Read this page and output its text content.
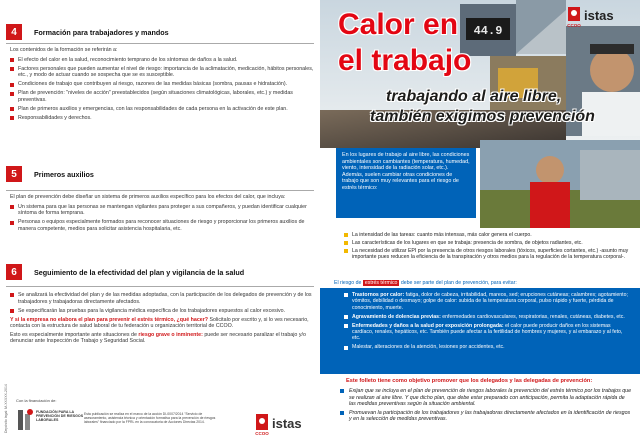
Depósito legal: M-XXXXX-2014
4	Formación para trabajadores y mandos
Los contenidos de la formación se referirán a:
El efecto del calor en la salud, reconocimiento temprano de los síntomas de daños a la salud.
Factores personales que pueden aumentar el nivel de riesgo: importancia de la aclimatación, medicación, hábitos personales, etc., y modo de actuar cuando se sospecha que se es susceptible.
Condiciones de trabajo que contribuyen al riesgo, razones de las medidas básicas (sombra, pausas e hidratación).
Plan de prevención: "niveles de acción" preestablecidos (según situaciones climatológicas, laborales, etc.) y medidas preventivas.
Plan de primeros auxilios y emergencias, con las responsabilidades de cada persona en la activación de este plan.
Responsabilidades y derechos.
5	Primeros auxilios
El plan de prevención debe diseñar un sistema de primeros auxilios específico para los efectos del calor, que incluya:
Un sistema para que las personas se mantengan vigilantes para proteger a sus compañeros, y puedan identificar cualquier síntoma de forma temprana.
Personas o equipos especialmente formados para reconocer situaciones de riesgo y proporcionar los primeros auxilios de manera competente, medios para solicitar asistencia hospitalaria, etc.
6	Seguimiento de la efectividad del plan y vigilancia de la salud
Se analizará la efectividad del plan y de las medidas adoptadas, con la participación de los delegados de prevención y de los trabajadores y trabajadoras directamente afectados.
Se especificarán las pruebas para la vigilancia médica específica de los trabajadores expuestos al calor excesivo.
Y si la empresa no elabora el plan para prevenir el estrés térmico, ¿qué hacer? Solicitalo por escrito y, si lo ves necesario, contacta con la estructura de salud laboral de tu federación u organización territorial de CCOO.
Esto es especialmente importante ante situaciones de riesgo grave o inminente: puede ser necesario paralizar el trabajo y/o denunciar ante Inspección de Trabajo y Seguridad Social.
Con la financiación de:
FUNDACIÓN PARA LA PREVENCIÓN DE RIESGOS LABORALES
Esta publicación se realiza en el marco de la acción DI-0007/2014 "Servicio de asesoramiento, asistencia técnica y orientación formativa para la prevención de riesgos laborales" financiado por la FPRL en la convocatoria de Acciones Directas 2014.
CCOO
istas
44.9	CCOO
istas
Calor en
el trabajo
trabajando al aire libre,
también exigimos prevención
En los lugares de trabajo al aire libre, las condiciones ambientales son cambiantes (temperatura, humedad, viento, intensidad de la radiación solar, etc.). Además, suelen cambiar otras condiciones de trabajo que son muy relevantes para el riesgo de estrés térmico:
La intensidad de las tareas: cuanto más intensas, más calor genera el cuerpo.
Las características de los lugares en que se trabaja: presencia de sombra, de objetos radiantes, etc.
La necesidad de utilizar EPI por la presencia de otros riesgos laborales (tóxicos, superficies cortantes, etc.) -asunto muy importante pues reducen la eficiencia de la transpiración y otros medios para la regulación de la temperatura corporal-.
El riesgo de estrés térmico debe ser parte del plan de prevención, para evitar:
Trastornos por calor: fatiga, dolor de cabeza, irritabilidad, mareos, sed; erupciones cutáneas; calambres; agotamiento; vómitos, debilidad o desmayo; golpe de calor: subida de la temperatura corporal, pulso rápido y fuerte, pérdida de conocimiento, muerte.
Agravamiento de dolencias previas: enfermedades cardiovasculares, respiratorias, renales, cutáneas, diabetes, etc.
Enfermedades y daños a la salud por exposición prolongada: el calor puede producir daños en los sistemas cardíaco, renales, hepáticos, etc. También puede afectar a la fertilidad de hombres y mujeres, y al embarazo y al feto, etc.
Malestar, alteraciones de la atención, lesiones por accidentes, etc.
Este folleto tiene como objetivo promover que los delegados y las delegadas de prevención:
Exijan que se incluya en el plan de prevención de riesgos laborales la prevención del estrés térmico por los trabajos que se realizan al aire libre. Y que dicho plan, que debe estar preparado con anticipación, permita la adaptación rápida de las medidas preventivas según la situación ambiental.
Promuevan la participación de los trabajadores y las trabajadoras directamente afectados en la identificación de riesgos y en la selección de medidas preventivas.
